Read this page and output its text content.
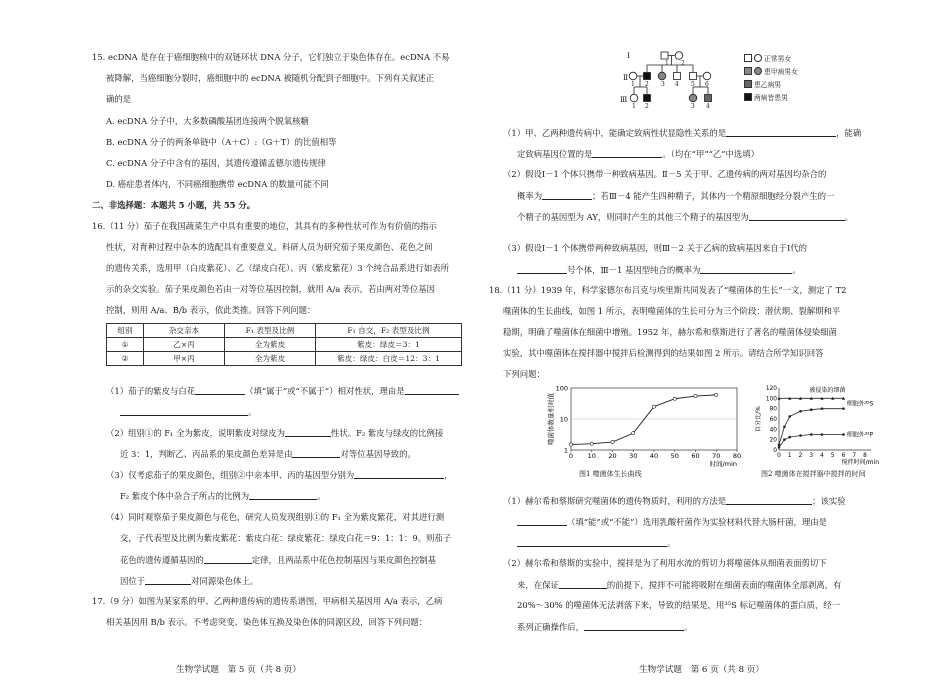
15. ecDNA 是存在于癌细胞核中的双链环状 DNA 分子，它们独立于染色体存在。ecDNA 不易
被降解，当癌细胞分裂时，癌细胞中的 ecDNA 被随机分配到子细胞中。下列有关叙述正
确的是
A. ecDNA 分子中，大多数磷酸基团连接两个脱氧核糖
B. ecDNA 分子的两条单链中（A＋C）:（G＋T）的比值相等
C. ecDNA 分子中含有的基因，其遗传遵循孟德尔遗传规律
D. 癌症患者体内，不同癌细胞携带 ecDNA 的数量可能不同
二、非选择题：本题共 5 小题，共 55 分。
16.（11 分）茄子在我国蔬菜生产中具有重要的地位，其具有的多种性状可作为有价值的指示
性状，对育种过程中杂本的选配具有重要意义。科研人员为研究茄子果皮颜色、花色之间
的遗传关系，选用甲（白皮紫花）、乙（绿皮白花）、丙（紫皮紫花）3 个纯合品系进行如表所
示的杂交实验。茄子果皮颜色若由一对等位基因控制，就用 A/a 表示，若由两对等位基因
控制，则用 A/a、B/b 表示，依此类推。回答下列问题：
组别	杂交亲本	F₁ 表型及比例	F₁ 自交，F₂ 表型及比例
①	乙×丙	全为紫皮	紫皮：绿皮＝3：1
②	甲×丙	全为紫皮	紫皮：绿皮：白皮＝12：3：1
（1）茄子的紫皮与白花	（填“属于”或“不属于”）相对性状，理由是
。
（2）组别①的 F₁ 全为紫皮，说明紫皮对绿皮为	性状。F₂ 紫皮与绿皮的比例接
近 3：1，判断乙、丙品系的果皮颜色差异是由	对等位基因导致的。
（3）仅考虑茄子的果皮颜色，组别②中亲本甲、丙的基因型分别为	，
F₂ 紫皮个体中杂合子所占的比例为	。
（4）同时观察茄子果皮颜色与花色，研究人员发现组别①的 F₁ 全为紫皮紫花，对其进行测
交，子代表型及比例为紫皮紫花：紫皮白花：绿皮紫花：绿皮白花＝9：1：1：9。则茄子
花色的遗传遵循基因的	定律，且两品系中花色控制基因与果皮颜色控制基
因位于	对同源染色体上。
17.（9 分）如图为某家系的甲、乙两种遗传病的遗传系谱图，甲病相关基因用 A/a 表示，乙病
相关基因用 B/b 表示。不考虑突变、染色体互换及染色体的同源区段，回答下列问题：
生物学试题　第 5 页（共 8 页）
Ⅰ
Ⅱ
Ⅲ
1 2
1 2 3 4 5 6
1 2	3 4
正常男女
患甲病男女
患乙病男
两病皆患男
（1）甲、乙两种遗传病中，能确定致病性状显隐性关系的是	，能确
定致病基因位置的是	。（均在“甲”“乙”中选填）
（2）假设Ⅰ－1 个体只携带一种致病基因。Ⅱ－5 关于甲、乙遗传病的两对基因均杂合的
概率为	；若Ⅲ－4 能产生四种精子，其体内一个精原细胞经分裂产生的一
个精子的基因型为 AY，则同时产生的其他三个精子的基因型为	。
（3）假设Ⅰ－1 个体携带两种致病基因，则Ⅲ－2 关于乙病的致病基因来自于Ⅰ代的
号个体，Ⅲ－1 基因型纯合的概率为	。
18.（11 分）1939 年，科学家德尔布吕克与埃里斯共同发表了“噬菌体的生长”一文，测定了 T2
噬菌体的生长曲线，如图 1 所示，表明噬菌体的生长可分为三个阶段：潜伏期、裂解期和平
稳期，明确了噬菌体在细菌中增殖。1952 年，赫尔希和蔡斯进行了著名的噬菌体侵染细菌
实验，其中噬菌体在搅拌器中搅拌后检测得到的结果如图 2 所示。请结合所学知识回答
下列问题：
（1）赫尔希和蔡斯研究噬菌体的遗传物质时，利用的方法是	；该实验
（填“能”或“不能”）选用乳酸杆菌作为实验材料代替大肠杆菌，理由是
。
（2）赫尔希和蔡斯的实验中，搅拌是为了利用水流的剪切力将噬菌体从细菌表面剪切下
来，在保证	的前提下，搅拌不可能将吸附在细菌表面的噬菌体全部剥离，有
20%～30% 的噬菌体无法剥落下来，导致的结果是，用³⁵S 标记噬菌体的蛋白质，经一
系列正确操作后，	。
100
10
1
0 10 20 30 40 50 60 70 80
时间/min
噬菌体数量相对值
图1 噬菌体生长曲线
120
100
80
60
40
20
0
0 1 2 3 4 5 6 7 8
搅拌时间/min
百分比/%
被侵染的细菌
细胞外³⁵S
细胞外³²P
图2 噬菌体在搅拌器中搅拌的时间
生物学试题　第 6 页（共 8 页）
